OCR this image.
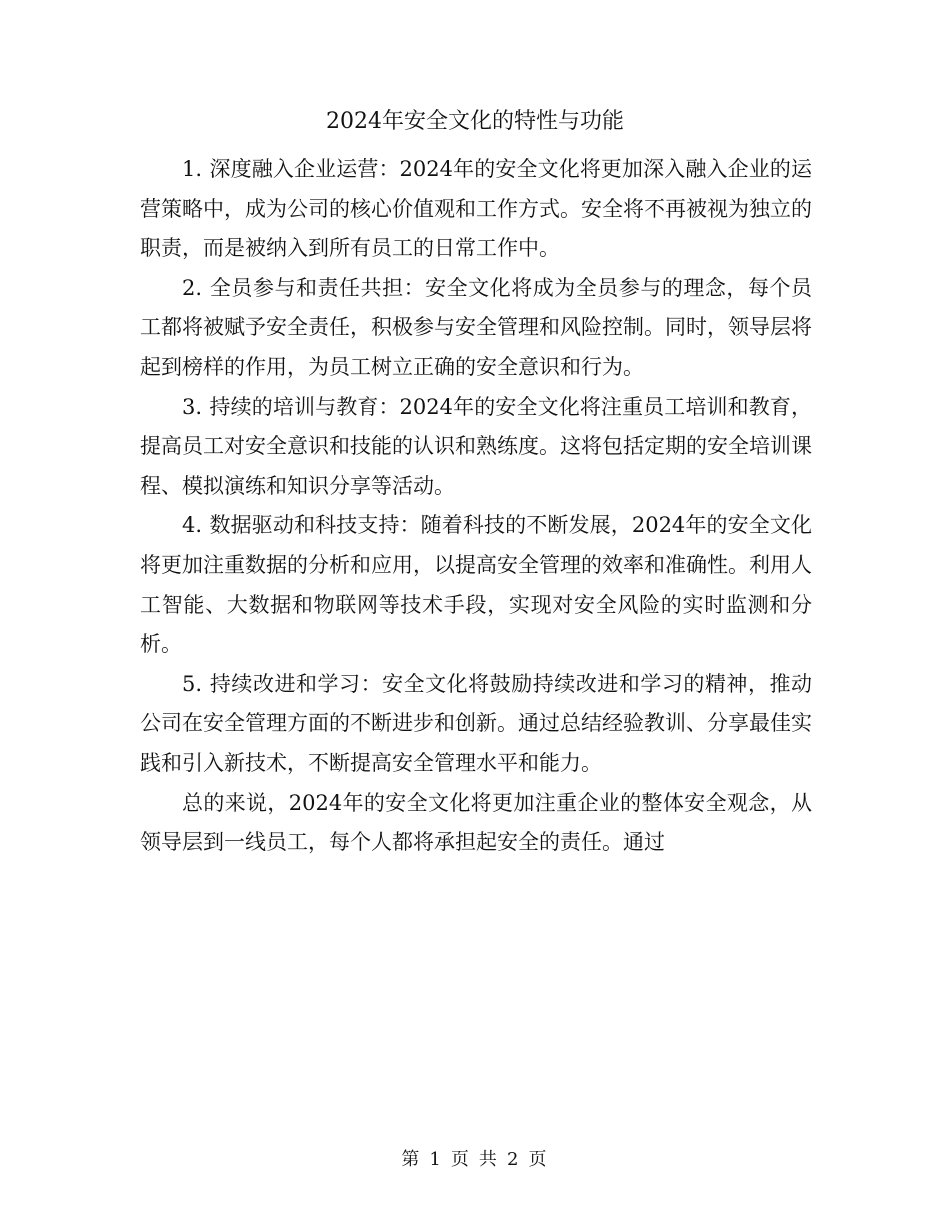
2024年安全文化的特性与功能

1. 深度融入企业运营：2024年的安全文化将更加深入融入企业的运营策略中，成为公司的核心价值观和工作方式。安全将不再被视为独立的职责，而是被纳入到所有员工的日常工作中。

2. 全员参与和责任共担：安全文化将成为全员参与的理念，每个员工都将被赋予安全责任，积极参与安全管理和风险控制。同时，领导层将起到榜样的作用，为员工树立正确的安全意识和行为。

3. 持续的培训与教育：2024年的安全文化将注重员工培训和教育，提高员工对安全意识和技能的认识和熟练度。这将包括定期的安全培训课程、模拟演练和知识分享等活动。

4. 数据驱动和科技支持：随着科技的不断发展，2024年的安全文化将更加注重数据的分析和应用，以提高安全管理的效率和准确性。利用人工智能、大数据和物联网等技术手段，实现对安全风险的实时监测和分析。

5. 持续改进和学习：安全文化将鼓励持续改进和学习的精神，推动公司在安全管理方面的不断进步和创新。通过总结经验教训、分享最佳实践和引入新技术，不断提高安全管理水平和能力。

总的来说，2024年的安全文化将更加注重企业的整体安全观念，从领导层到一线员工，每个人都将承担起安全的责任。通过

第 1 页 共 2 页
